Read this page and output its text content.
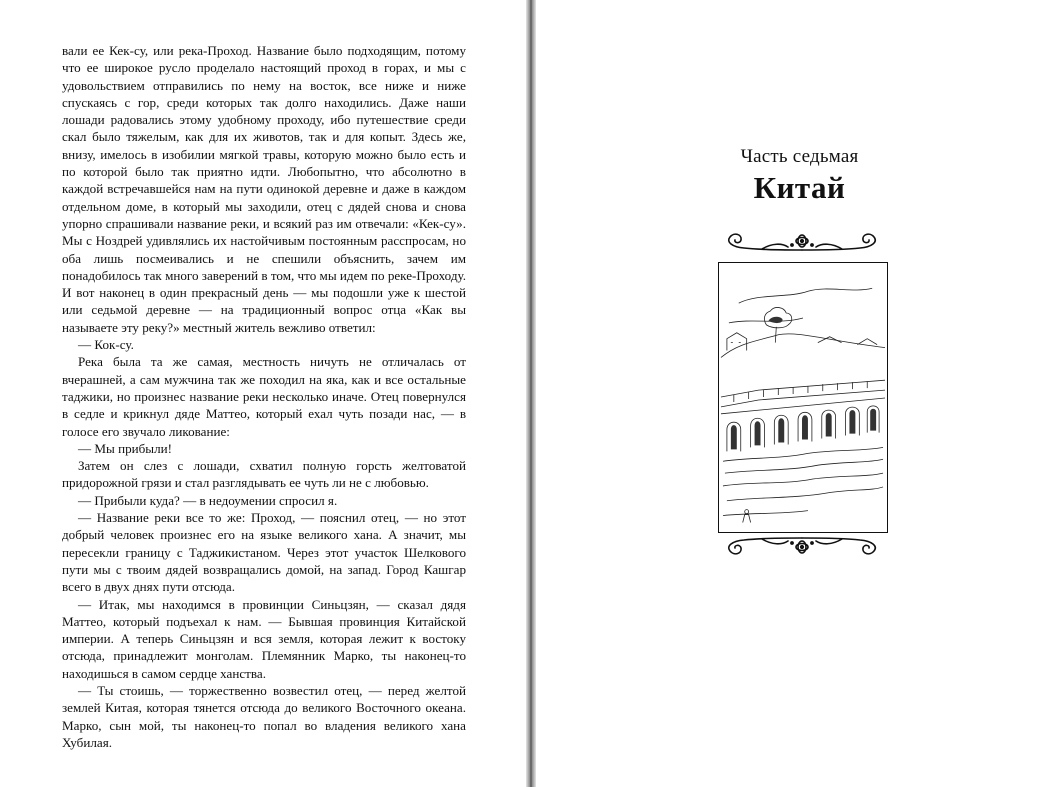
вали ее Кек-су, или река-Проход. Название было подходящим, потому что ее широкое русло проделало настоящий проход в горах, и мы с удовольствием отправились по нему на восток, все ниже и ниже спускаясь с гор, среди которых так долго находились. Даже наши лошади радовались этому удобному проходу, ибо путешествие среди скал было тяжелым, как для их животов, так и для копыт. Здесь же, внизу, имелось в изобилии мягкой травы, которую можно было есть и по которой было так приятно идти. Любопытно, что абсолютно в каждой встречавшейся нам на пути одинокой деревне и даже в каждом отдельном доме, в который мы заходили, отец с дядей снова и снова упорно спрашивали название реки, и всякий раз им отвечали: «Кек-су». Мы с Ноздрей удивлялись их настойчивым постоянным расспросам, но оба лишь посмеивались и не спешили объяснить, зачем им понадобилось так много заверений в том, что мы идем по реке-Проходу. И вот наконец в один прекрасный день — мы подошли уже к шестой или седьмой деревне — на традиционный вопрос отца «Как вы называете эту реку?» местный житель вежливо ответил:

— Кок-су.

Река была та же самая, местность ничуть не отличалась от вчерашней, а сам мужчина так же походил на яка, как и все остальные таджики, но произнес название реки несколько иначе. Отец повернулся в седле и крикнул дяде Маттео, который ехал чуть позади нас, — в голосе его звучало ликование:

— Мы прибыли!

Затем он слез с лошади, схватил полную горсть желтоватой придорожной грязи и стал разглядывать ее чуть ли не с любовью.

— Прибыли куда? — в недоумении спросил я.

— Название реки все то же: Проход, — пояснил отец, — но этот добрый человек произнес его на языке великого хана. А значит, мы пересекли границу с Таджикистаном. Через этот участок Шелкового пути мы с твоим дядей возвращались домой, на запад. Город Кашгар всего в двух днях пути отсюда.

— Итак, мы находимся в провинции Синьцзян, — сказал дядя Маттео, который подъехал к нам. — Бывшая провинция Китайской империи. А теперь Синьцзян и вся земля, которая лежит к востоку отсюда, принадлежит монголам. Племянник Марко, ты наконец-то находишься в самом сердце ханства.

— Ты стоишь, — торжественно возвестил отец, — перед желтой землей Китая, которая тянется отсюда до великого Восточного океана. Марко, сын мой, ты наконец-то попал во владения великого хана Хубилая.

Часть седьмая
Китай
